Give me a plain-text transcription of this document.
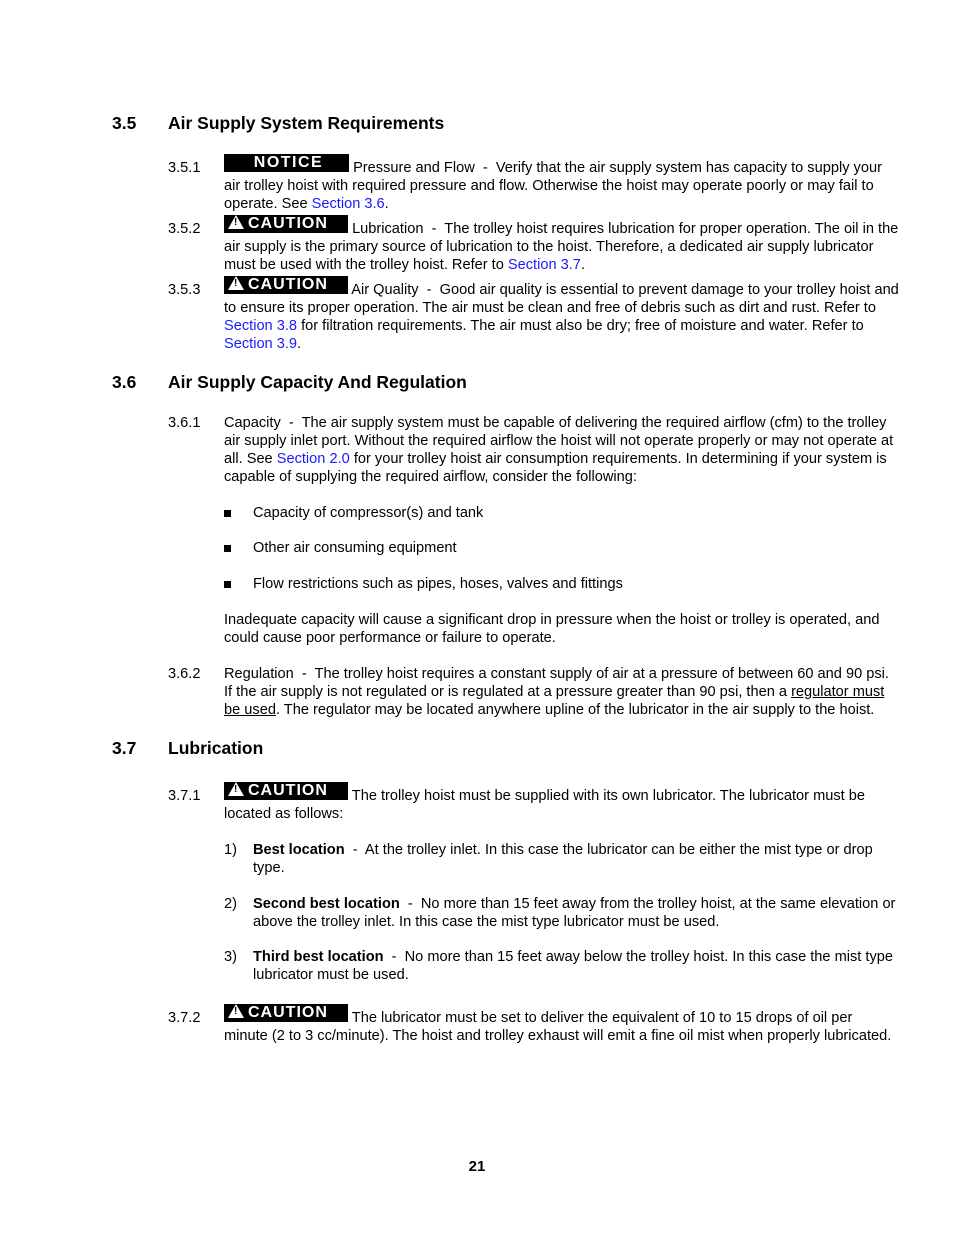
3.5 Air Supply System Requirements
3.5.1	NOTICE Pressure and Flow  -  Verify that the air supply system has capacity to supply your air trolley hoist with required pressure and flow. Otherwise the hoist may operate poorly or may fail to operate. See Section 3.6.
3.5.2 !	CAUTION Lubrication  -  The trolley hoist requires lubrication for proper operation. The oil in the air supply is the primary source of lubrication to the hoist. Therefore, a dedicated air supply lubricator must be used with the trolley hoist. Refer to Section 3.7.
3.5.3 !	CAUTION Air Quality  -  Good air quality is essential to prevent damage to your trolley hoist and to ensure its proper operation. The air must be clean and free of debris such as dirt and rust. Refer to Section 3.8 for filtration requirements. The air must also be dry; free of moisture and water. Refer to Section 3.9.
3.6 Air Supply Capacity And Regulation
3.6.1 Capacity  -  The air supply system must be capable of delivering the required airflow (cfm) to the trolley air supply inlet port. Without the required airflow the hoist will not operate properly or may not operate at all. See Section 2.0 for your trolley hoist air consumption requirements. In determining if your system is capable of supplying the required airflow, consider the following:
Capacity of compressor(s) and tank
Other air consuming equipment
Flow restrictions such as pipes, hoses, valves and fittings
Inadequate capacity will cause a significant drop in pressure when the hoist or trolley is operated, and could cause poor performance or failure to operate.
3.6.2 Regulation  -  The trolley hoist requires a constant supply of air at a pressure of between 60 and 90 psi. If the air supply is not regulated or is regulated at a pressure greater than 90 psi, then a regulator must be used. The regulator may be located anywhere upline of the lubricator in the air supply to the hoist.
3.7 Lubrication
3.7.1 !	CAUTION The trolley hoist must be supplied with its own lubricator. The lubricator must be located as follows:
1) Best location  -  At the trolley inlet. In this case the lubricator can be either the mist type or drop type.
2) Second best location  -  No more than 15 feet away from the trolley hoist, at the same elevation or above the trolley inlet. In this case the mist type lubricator must be used.
3) Third best location  -  No more than 15 feet away below the trolley hoist. In this case the mist type lubricator must be used.
3.7.2 !	CAUTION The lubricator must be set to deliver the equivalent of 10 to 15 drops of oil per minute (2 to 3 cc/minute). The hoist and trolley exhaust will emit a fine oil mist when properly lubricated.
21
